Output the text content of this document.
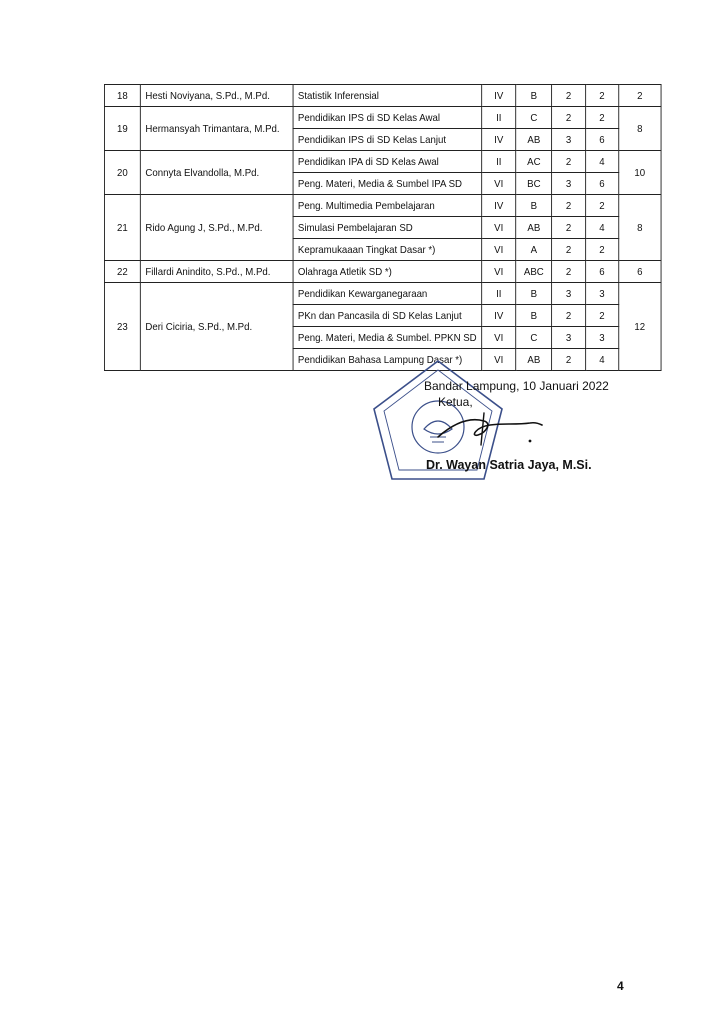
18	Hesti Noviyana, S.Pd., M.Pd.	Statistik Inferensial	IV	B	2	2	2
19	Hermansyah Trimantara, M.Pd.	Pendidikan IPS di SD Kelas Awal	II	C	2	2	8
		Pendidikan IPS di SD Kelas Lanjut	IV	AB	3	6	
20	Connyta Elvandolla, M.Pd.	Pendidikan IPA di SD Kelas Awal	II	AC	2	4	10
		Peng. Materi, Media & Sumbel IPA SD	VI	BC	3	6	
21	Rido Agung J, S.Pd., M.Pd.	Peng. Multimedia Pembelajaran	IV	B	2	2	8
		Simulasi Pembelajaran SD	VI	AB	2	4	
		Kepramukaaan Tingkat Dasar *)	VI	A	2	2	
22	Fillardi Anindito, S.Pd., M.Pd.	Olahraga Atletik SD *)	VI	ABC	2	6	6
23	Deri Ciciria, S.Pd., M.Pd.	Pendidikan Kewarganegaraan	II	B	3	3	12
		PKn dan Pancasila di SD Kelas Lanjut	IV	B	2	2	
		Peng. Materi, Media & Sumbel. PPKN SD	VI	C	3	3	
		Pendidikan Bahasa Lampung Dasar *)	VI	AB	2	4	
Bandar Lampung, 10 Januari 2022
Ketua,
Dr. Wayan Satria Jaya, M.Si.
4
